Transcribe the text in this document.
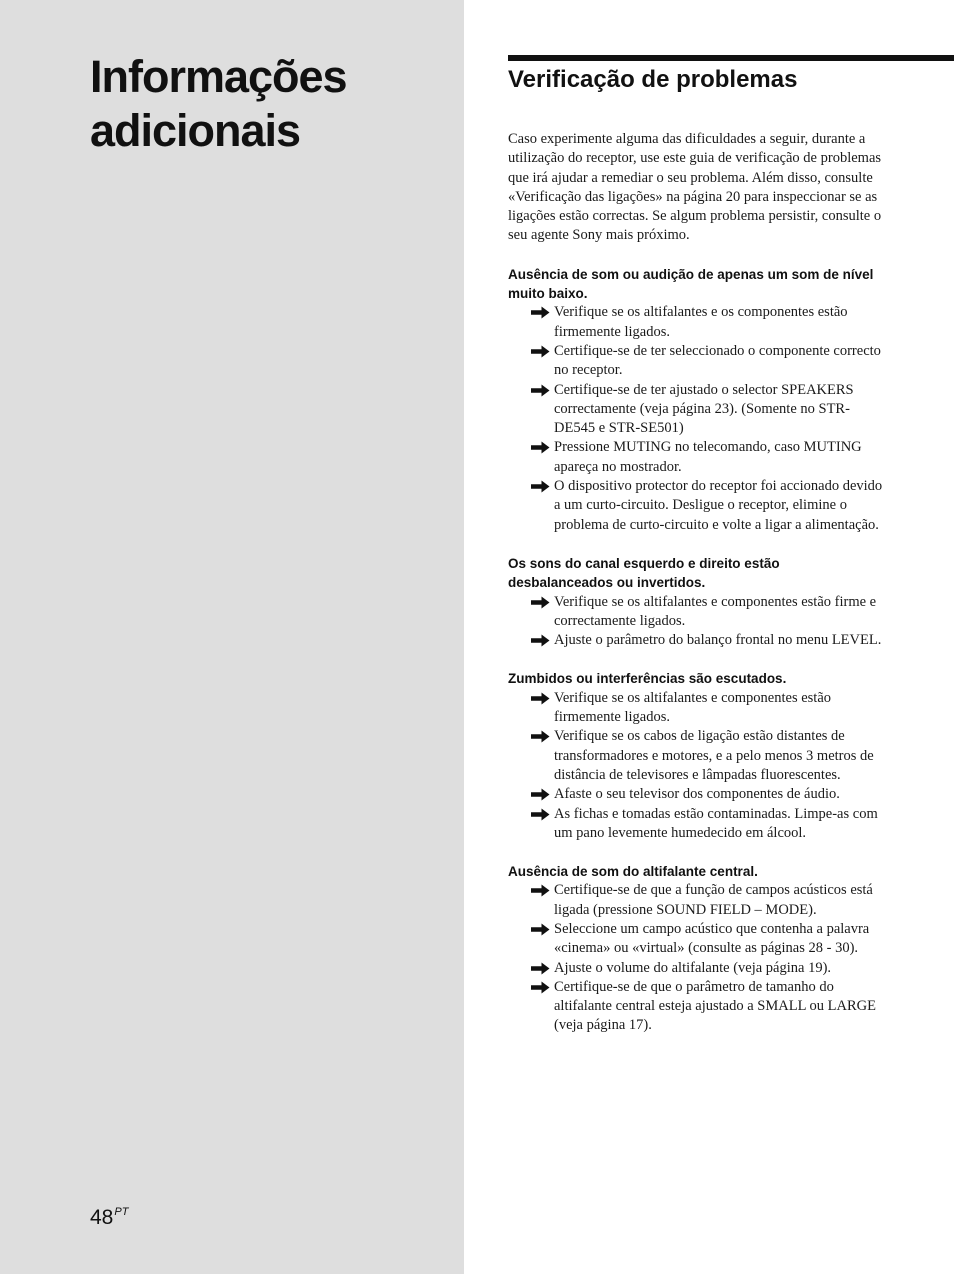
Informações adicionais
$48^{PT}$
Verificação de problemas

Caso experimente alguma das dificuldades a seguir, durante a utilização do receptor, use este guia de verificação de problemas que irá ajudar a remediar o seu problema. Além disso, consulte «Verificação das ligações» na página 20 para inspeccionar se as ligações estão correctas. Se algum problema persistir, consulte o seu agente Sony mais próximo.

Ausência de som ou audição de apenas um som de nível muito baixo.
Verifique se os altifalantes e os componentes estão firmemente ligados.
Certifique-se de ter seleccionado o componente correcto no receptor.
Certifique-se de ter ajustado o selector SPEAKERS correctamente (veja página 23). (Somente no STR-DE545 e STR-SE501)
Pressione MUTING no telecomando, caso MUTING apareça no mostrador.
O dispositivo protector do receptor foi accionado devido a um curto-circuito. Desligue o receptor, elimine o problema de curto-circuito e volte a ligar a alimentação.
Os sons do canal esquerdo e direito estão desbalanceados ou invertidos.
Verifique se os altifalantes e componentes estão firme e correctamente ligados.
Ajuste o parâmetro do balanço frontal no menu LEVEL.
Zumbidos ou interferências são escutados.
Verifique se os altifalantes e componentes estão firmemente ligados.
Verifique se os cabos de ligação estão distantes de transformadores e motores, e a pelo menos 3 metros de distância de televisores e lâmpadas fluorescentes.
Afaste o seu televisor dos componentes de áudio.
As fichas e tomadas estão contaminadas. Limpe-as com um pano levemente humedecido em álcool.
Ausência de som do altifalante central.
Certifique-se de que a função de campos acústicos está ligada (pressione SOUND FIELD – MODE).
Seleccione um campo acústico que contenha a palavra «cinema» ou «virtual» (consulte as páginas 28 - 30).
Ajuste o volume do altifalante (veja página 19).
Certifique-se de que o parâmetro de tamanho do altifalante central esteja ajustado a SMALL ou LARGE (veja página 17).
